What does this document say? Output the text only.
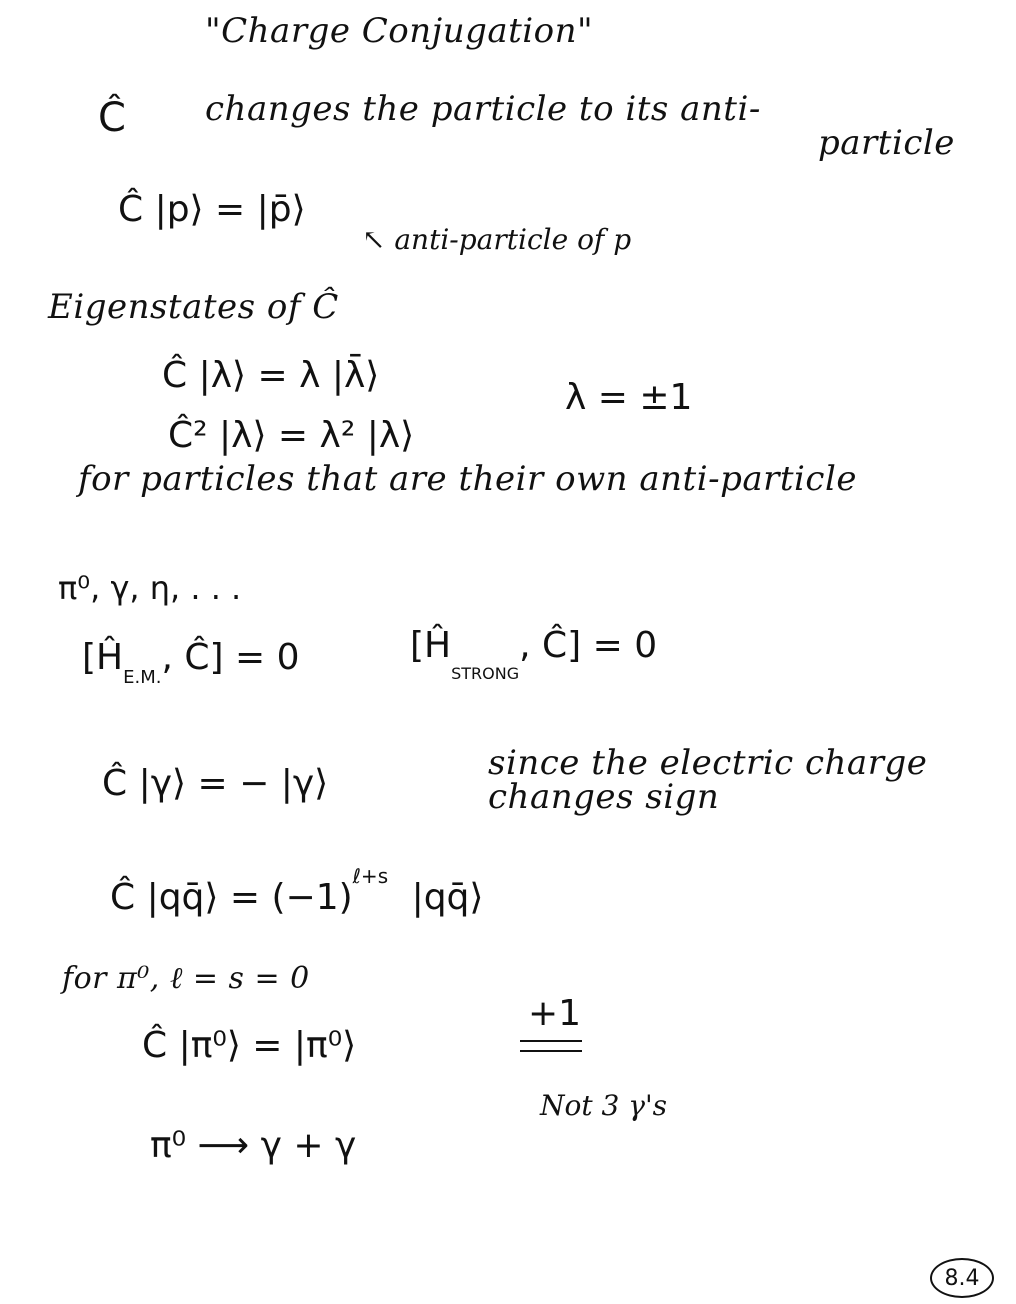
"Charge Conjugation"
Ĉ changes the particle to its anti-
particle
Ĉ |p⟩ = |p̄⟩
↖ anti-particle of p
Eigenstates of Ĉ
Ĉ |λ⟩ = λ |λ̄⟩
Ĉ² |λ⟩ = λ² |λ⟩
λ = ±1
for particles that are their own anti-particle
π⁰, γ, η, . . .
[$Ĥ_{E.M.}$, Ĉ] = 0	[$Ĥ_{STRONG}$, Ĉ] = 0
Ĉ |γ⟩ = − |γ⟩	since the electric charge
changes sign
Ĉ |qq̄⟩ = $(-1)^{\ell+s}$ |qq̄⟩
for π⁰, ℓ = s = 0
Ĉ |π⁰⟩ = |π⁰⟩
+1
π⁰ ⟶ γ + γ
Not 3 γ's
8.4
